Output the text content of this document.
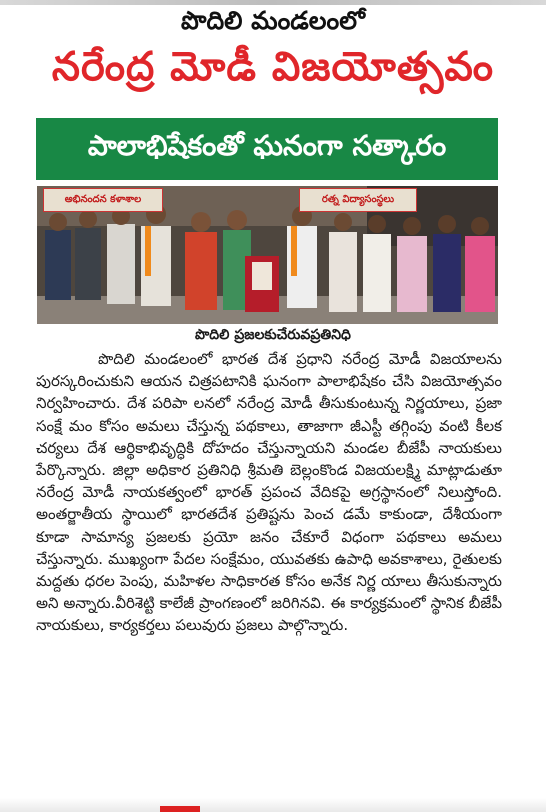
పొదిలి మండలంలో
నరేంద్ర మోడీ విజయోత్సవం
పాలాభిషేకంతో ఘనంగా సత్కారం
అభినందన కళాశాల	రత్న విద్యాసంస్థలు
పొదిలి ప్రజలకుచేరువప్రతినిధి

పొదిలి మండలంలో భారత దేశ ప్రధాని నరేంద్ర మోడీ విజయాలను పురస్కరించుకుని ఆయన చిత్రపటానికి ఘనంగా పాలాభిషేకం చేసి విజయోత్సవం నిర్వహించారు. దేశ పరిపా లనలో నరేంద్ర మోడీ తీసుకుంటున్న నిర్ణయాలు, ప్రజా సంక్షే మం కోసం అమలు చేస్తున్న పథకాలు, తాజాగా జీఎస్టీ తగ్గింపు వంటి కీలక చర్యలు దేశ ఆర్థికాభివృద్ధికి దోహదం చేస్తున్నాయని మండల బీజేపీ నాయకులు పేర్కొన్నారు. జిల్లా అధికార ప్రతినిధి శ్రీమతి బెల్లంకొండ విజయలక్ష్మి మాట్లాడుతూ నరేంద్ర మోడీ నాయకత్వంలో భారత్ ప్రపంచ వేదికపై అగ్రస్థానంలో నిలుస్తోంది. అంతర్జాతీయ స్థాయిలో భారతదేశ ప్రతిష్టను పెంచ డమే కాకుండా, దేశీయంగా కూడా సామాన్య ప్రజలకు ప్రయో జనం చేకూరే విధంగా పథకాలు అమలు చేస్తున్నారు. ముఖ్యంగా పేదల సంక్షేమం, యువతకు ఉపాధి అవకాశాలు, రైతులకు మద్దతు ధరల పెంపు, మహిళల సాధికారత కోసం అనేక నిర్ణ యాలు తీసుకున్నారు అని అన్నారు.వీరిశెట్టి కాలేజీ ప్రాంగణంలో జరిగినవి. ఈ కార్యక్రమంలో స్థానిక బీజేపీ నాయకులు, కార్యకర్తలు పలువురు ప్రజలు పాల్గొన్నారు.
